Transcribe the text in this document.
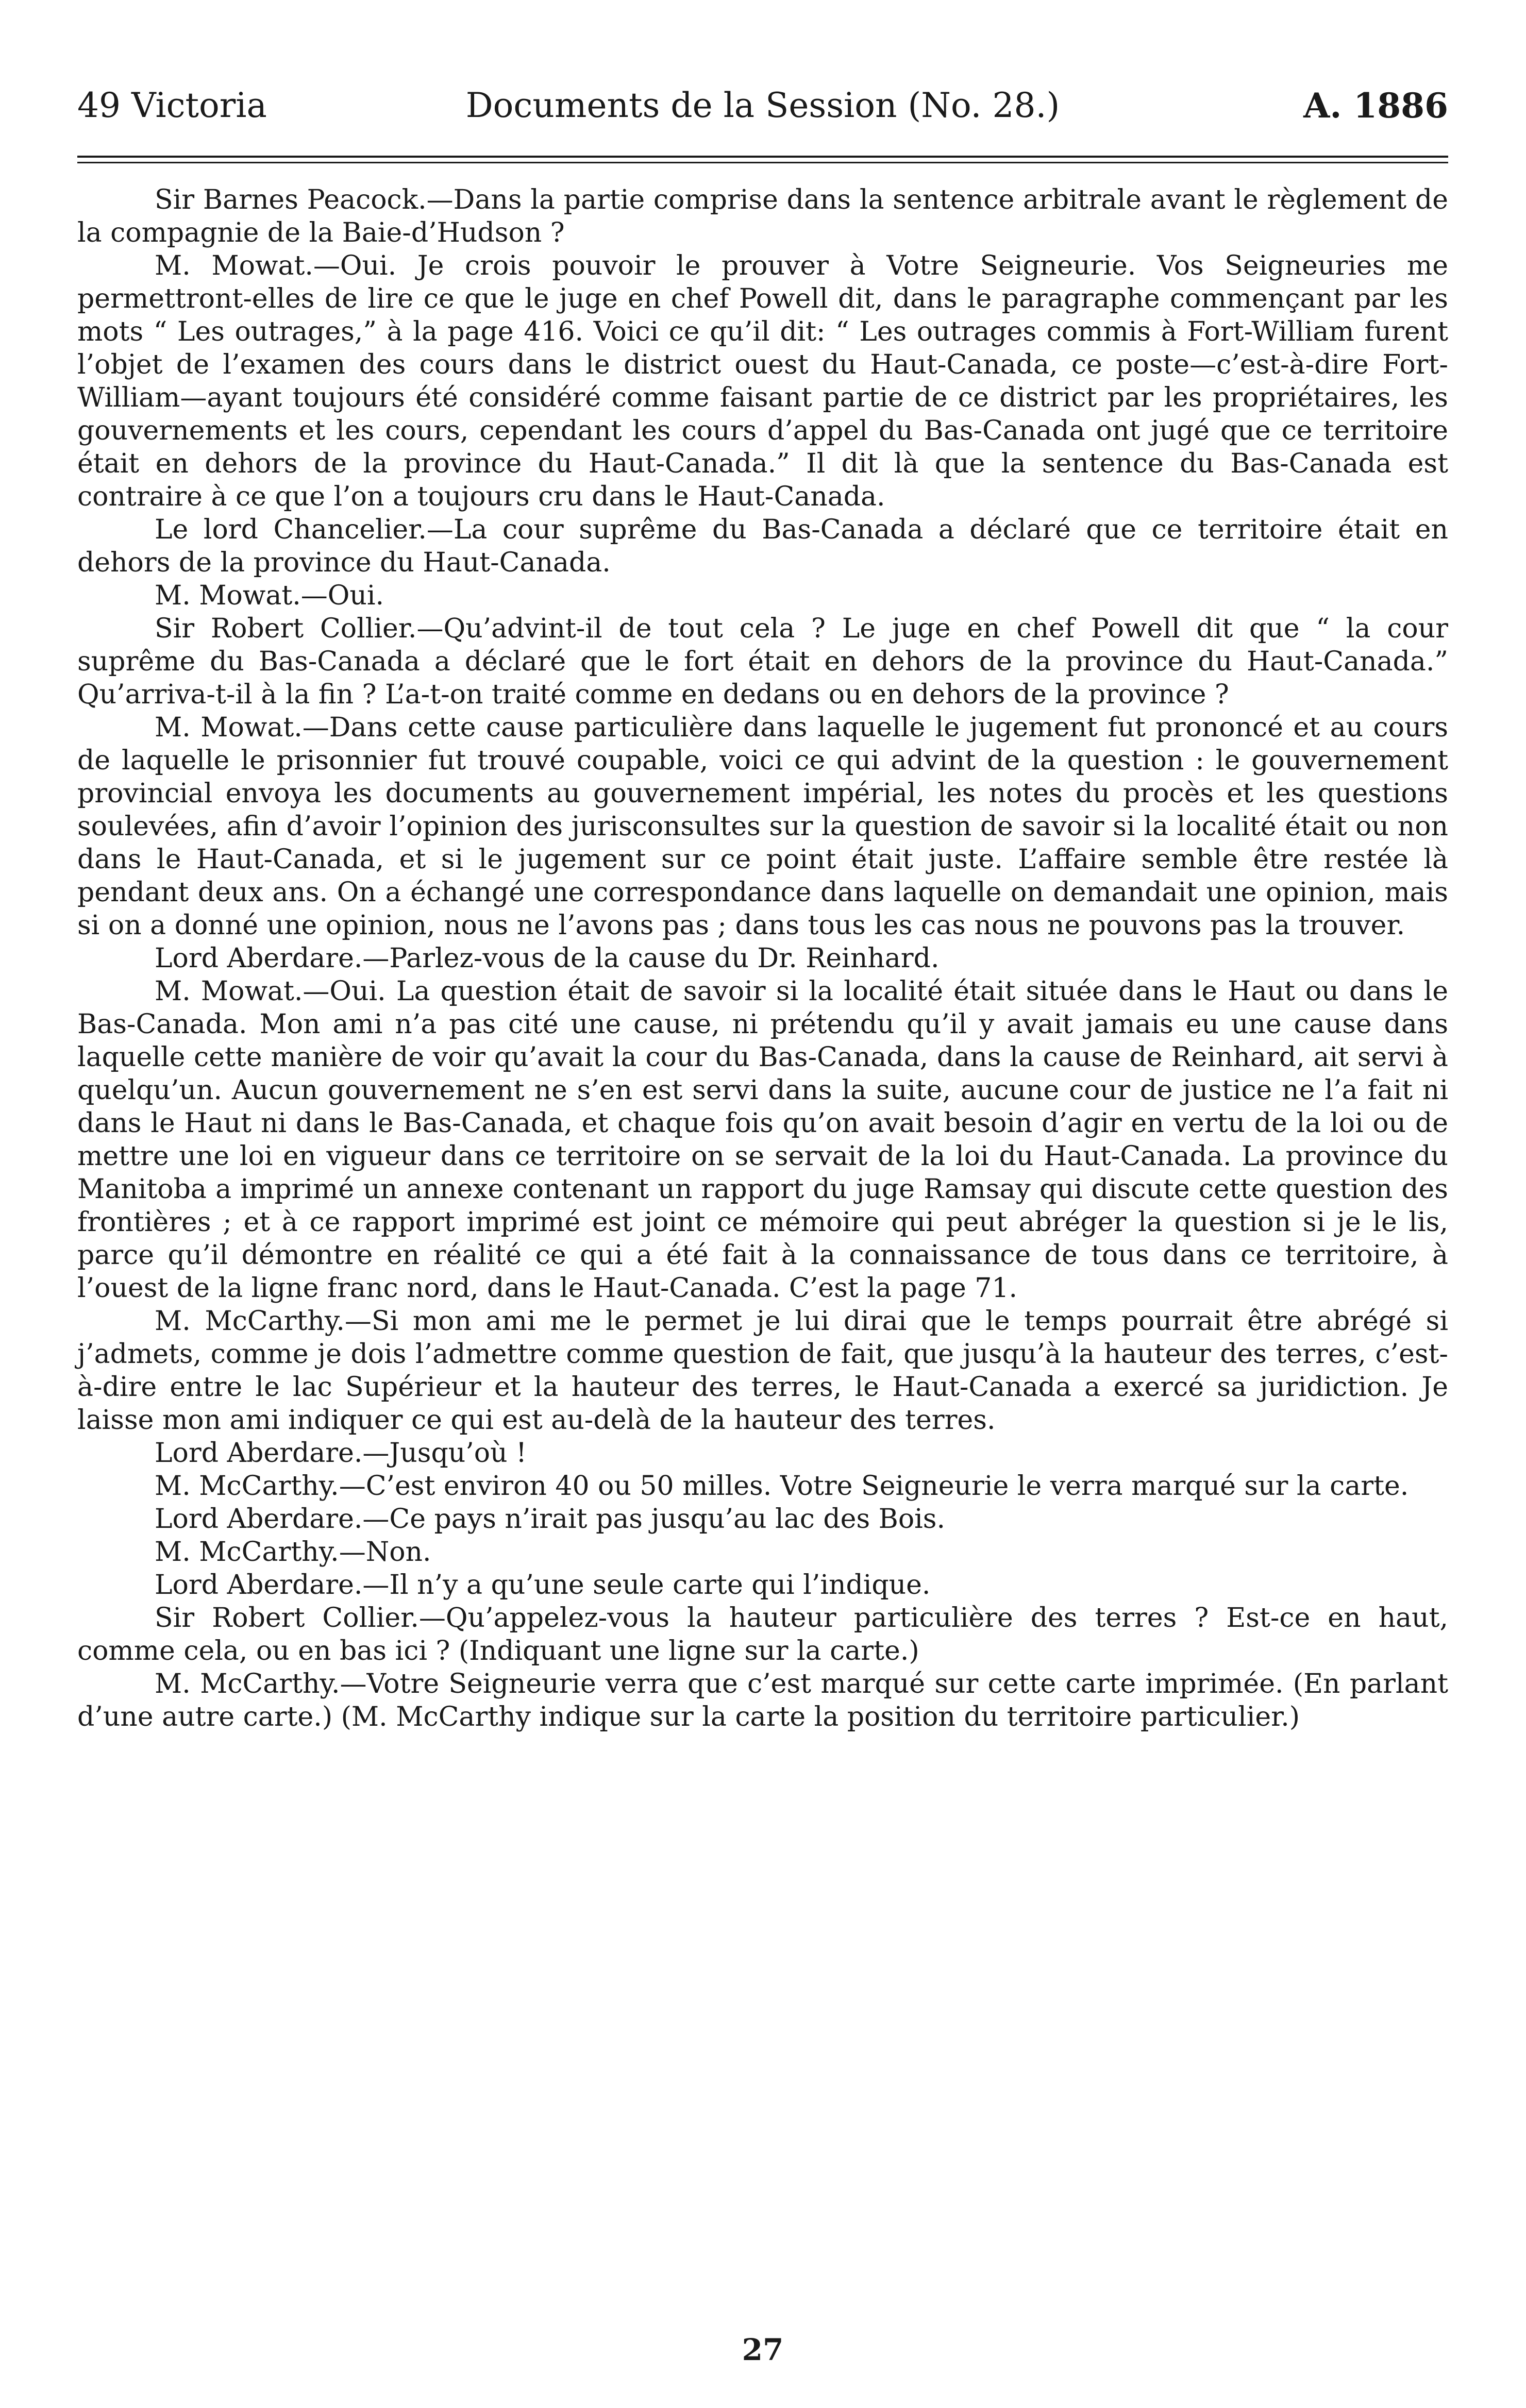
49 Victoria	Documents de la Session (No. 28.)	A. 1886

Sir Barnes Peacock.—Dans la partie comprise dans la sentence arbitrale avant le règlement de la compagnie de la Baie-d’Hudson ?

M. Mowat.—Oui. Je crois pouvoir le prouver à Votre Seigneurie. Vos Seigneuries me permettront-elles de lire ce que le juge en chef Powell dit, dans le paragraphe commençant par les mots “ Les outrages,” à la page 416. Voici ce qu’il dit: “ Les outrages commis à Fort-William furent l’objet de l’examen des cours dans le district ouest du Haut-Canada, ce poste—c’est-à-dire Fort-William—ayant toujours été considéré comme faisant partie de ce district par les propriétaires, les gouvernements et les cours, cependant les cours d’appel du Bas-Canada ont jugé que ce territoire était en dehors de la province du Haut-Canada.” Il dit là que la sentence du Bas-Canada est contraire à ce que l’on a toujours cru dans le Haut-Canada.

Le lord Chancelier.—La cour suprême du Bas-Canada a déclaré que ce territoire était en dehors de la province du Haut-Canada.

M. Mowat.—Oui.

Sir Robert Collier.—Qu’advint-il de tout cela ? Le juge en chef Powell dit que “ la cour suprême du Bas-Canada a déclaré que le fort était en dehors de la province du Haut-Canada.” Qu’arriva-t-il à la fin ? L’a-t-on traité comme en dedans ou en dehors de la province ?

M. Mowat.—Dans cette cause particulière dans laquelle le jugement fut prononcé et au cours de laquelle le prisonnier fut trouvé coupable, voici ce qui advint de la question : le gouvernement provincial envoya les documents au gouvernement impérial, les notes du procès et les questions soulevées, afin d’avoir l’opinion des jurisconsultes sur la question de savoir si la localité était ou non dans le Haut-Canada, et si le jugement sur ce point était juste. L’affaire semble être restée là pendant deux ans. On a échangé une correspondance dans laquelle on demandait une opinion, mais si on a donné une opinion, nous ne l’avons pas ; dans tous les cas nous ne pouvons pas la trouver.

Lord Aberdare.—Parlez-vous de la cause du Dr. Reinhard.

M. Mowat.—Oui. La question était de savoir si la localité était située dans le Haut ou dans le Bas-Canada. Mon ami n’a pas cité une cause, ni prétendu qu’il y avait jamais eu une cause dans laquelle cette manière de voir qu’avait la cour du Bas-Canada, dans la cause de Reinhard, ait servi à quelqu’un. Aucun gouvernement ne s’en est servi dans la suite, aucune cour de justice ne l’a fait ni dans le Haut ni dans le Bas-Canada, et chaque fois qu’on avait besoin d’agir en vertu de la loi ou de mettre une loi en vigueur dans ce territoire on se servait de la loi du Haut-Canada. La province du Manitoba a imprimé un annexe contenant un rapport du juge Ramsay qui discute cette question des frontières ; et à ce rapport imprimé est joint ce mémoire qui peut abréger la question si je le lis, parce qu’il démontre en réalité ce qui a été fait à la connaissance de tous dans ce territoire, à l’ouest de la ligne franc nord, dans le Haut-Canada. C’est la page 71.

M. McCarthy.—Si mon ami me le permet je lui dirai que le temps pourrait être abrégé si j’admets, comme je dois l’admettre comme question de fait, que jusqu’à la hauteur des terres, c’est-à-dire entre le lac Supérieur et la hauteur des terres, le Haut-Canada a exercé sa juridiction. Je laisse mon ami indiquer ce qui est au-delà de la hauteur des terres.

Lord Aberdare.—Jusqu’où !

M. McCarthy.—C’est environ 40 ou 50 milles. Votre Seigneurie le verra marqué sur la carte.

Lord Aberdare.—Ce pays n’irait pas jusqu’au lac des Bois.

M. McCarthy.—Non.

Lord Aberdare.—Il n’y a qu’une seule carte qui l’indique.

Sir Robert Collier.—Qu’appelez-vous la hauteur particulière des terres ? Est-ce en haut, comme cela, ou en bas ici ? (Indiquant une ligne sur la carte.)

M. McCarthy.—Votre Seigneurie verra que c’est marqué sur cette carte imprimée. (En parlant d’une autre carte.) (M. McCarthy indique sur la carte la position du territoire particulier.)

27
